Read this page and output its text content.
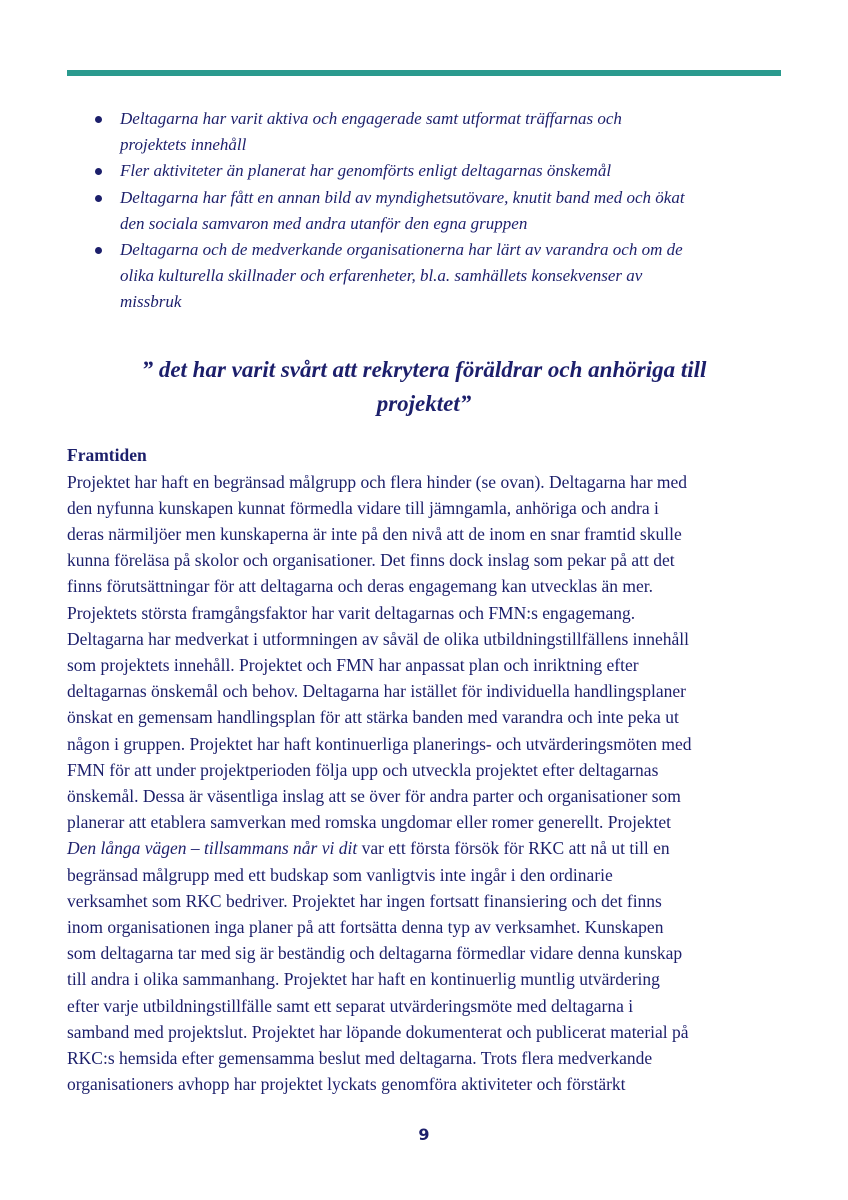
Deltagarna har varit aktiva och engagerade samt utformat träffarnas och
projektets innehåll
Fler aktiviteter än planerat har genomförts enligt deltagarnas önskemål
Deltagarna har fått en annan bild av myndighetsutövare, knutit band med och ökat
den sociala samvaron med andra utanför den egna gruppen
Deltagarna och de medverkande organisationerna har lärt av varandra och om de
olika kulturella skillnader och erfarenheter, bl.a. samhällets konsekvenser av
missbruk

” det har varit svårt att rekrytera föräldrar och anhöriga till
projektet”

Framtiden
Projektet har haft en begränsad målgrupp och flera hinder (se ovan). Deltagarna har med
den nyfunna kunskapen kunnat förmedla vidare till jämngamla, anhöriga och andra i
deras närmiljöer men kunskaperna är inte på den nivå att de inom en snar framtid skulle
kunna föreläsa på skolor och organisationer. Det finns dock inslag som pekar på att det
finns förutsättningar för att deltagarna och deras engagemang kan utvecklas än mer.
Projektets största framgångsfaktor har varit deltagarnas och FMN:s engagemang.
Deltagarna har medverkat i utformningen av såväl de olika utbildningstillfällens innehåll
som projektets innehåll. Projektet och FMN har anpassat plan och inriktning efter
deltagarnas önskemål och behov. Deltagarna har istället för individuella handlingsplaner
önskat en gemensam handlingsplan för att stärka banden med varandra och inte peka ut
någon i gruppen. Projektet har haft kontinuerliga planerings- och utvärderingsmöten med
FMN för att under projektperioden följa upp och utveckla projektet efter deltagarnas
önskemål. Dessa är väsentliga inslag att se över för andra parter och organisationer som
planerar att etablera samverkan med romska ungdomar eller romer generellt. Projektet
Den långa vägen – tillsammans når vi dit var ett första försök för RKC att nå ut till en
begränsad målgrupp med ett budskap som vanligtvis inte ingår i den ordinarie
verksamhet som RKC bedriver. Projektet har ingen fortsatt finansiering och det finns
inom organisationen inga planer på att fortsätta denna typ av verksamhet. Kunskapen
som deltagarna tar med sig är beständig och deltagarna förmedlar vidare denna kunskap
till andra i olika sammanhang. Projektet har haft en kontinuerlig muntlig utvärdering
efter varje utbildningstillfälle samt ett separat utvärderingsmöte med deltagarna i
samband med projektslut. Projektet har löpande dokumenterat och publicerat material på
RKC:s hemsida efter gemensamma beslut med deltagarna. Trots flera medverkande
organisationers avhopp har projektet lyckats genomföra aktiviteter och förstärkt
9
